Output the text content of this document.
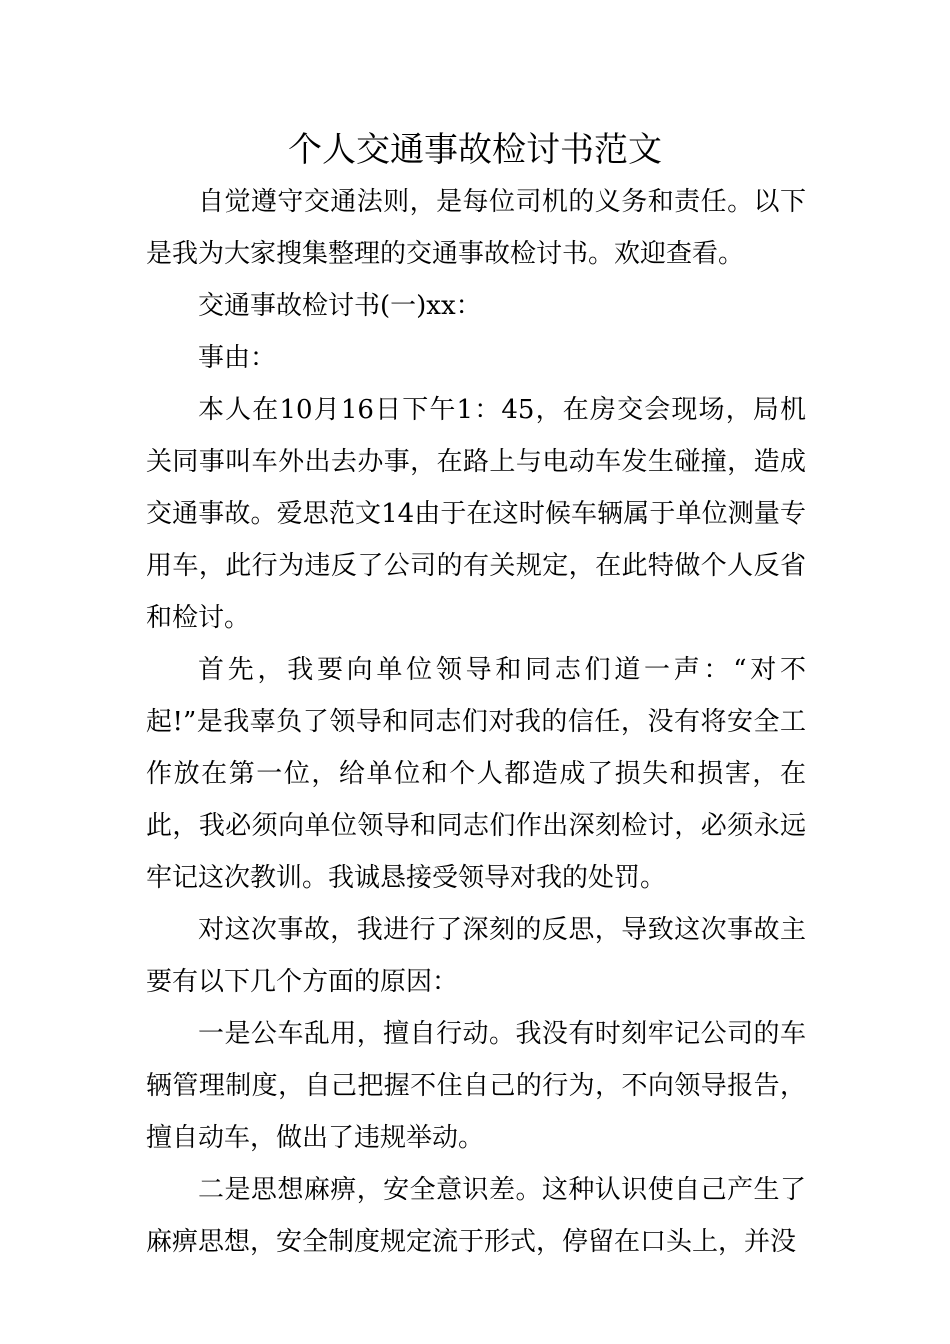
个人交通事故检讨书范文

自觉遵守交通法则，是每位司机的义务和责任。以下是我为大家搜集整理的交通事故检讨书。欢迎查看。

交通事故检讨书(一)xx：

事由：

本人在10月16日下午1：45，在房交会现场，局机关同事叫车外出去办事，在路上与电动车发生碰撞，造成交通事故。爱思范文14由于在这时候车辆属于单位测量专用车，此行为违反了公司的有关规定，在此特做个人反省和检讨。

首先，我要向单位领导和同志们道一声：“对不起!”是我辜负了领导和同志们对我的信任，没有将安全工作放在第一位，给单位和个人都造成了损失和损害，在此，我必须向单位领导和同志们作出深刻检讨，必须永远牢记这次教训。我诚恳接受领导对我的处罚。

对这次事故，我进行了深刻的反思，导致这次事故主要有以下几个方面的原因：

一是公车乱用，擅自行动。我没有时刻牢记公司的车辆管理制度，自己把握不住自己的行为，不向领导报告，擅自动车，做出了违规举动。

二是思想麻痹，安全意识差。这种认识使自己产生了麻痹思想，安全制度规定流于形式，停留在口头上，并没
